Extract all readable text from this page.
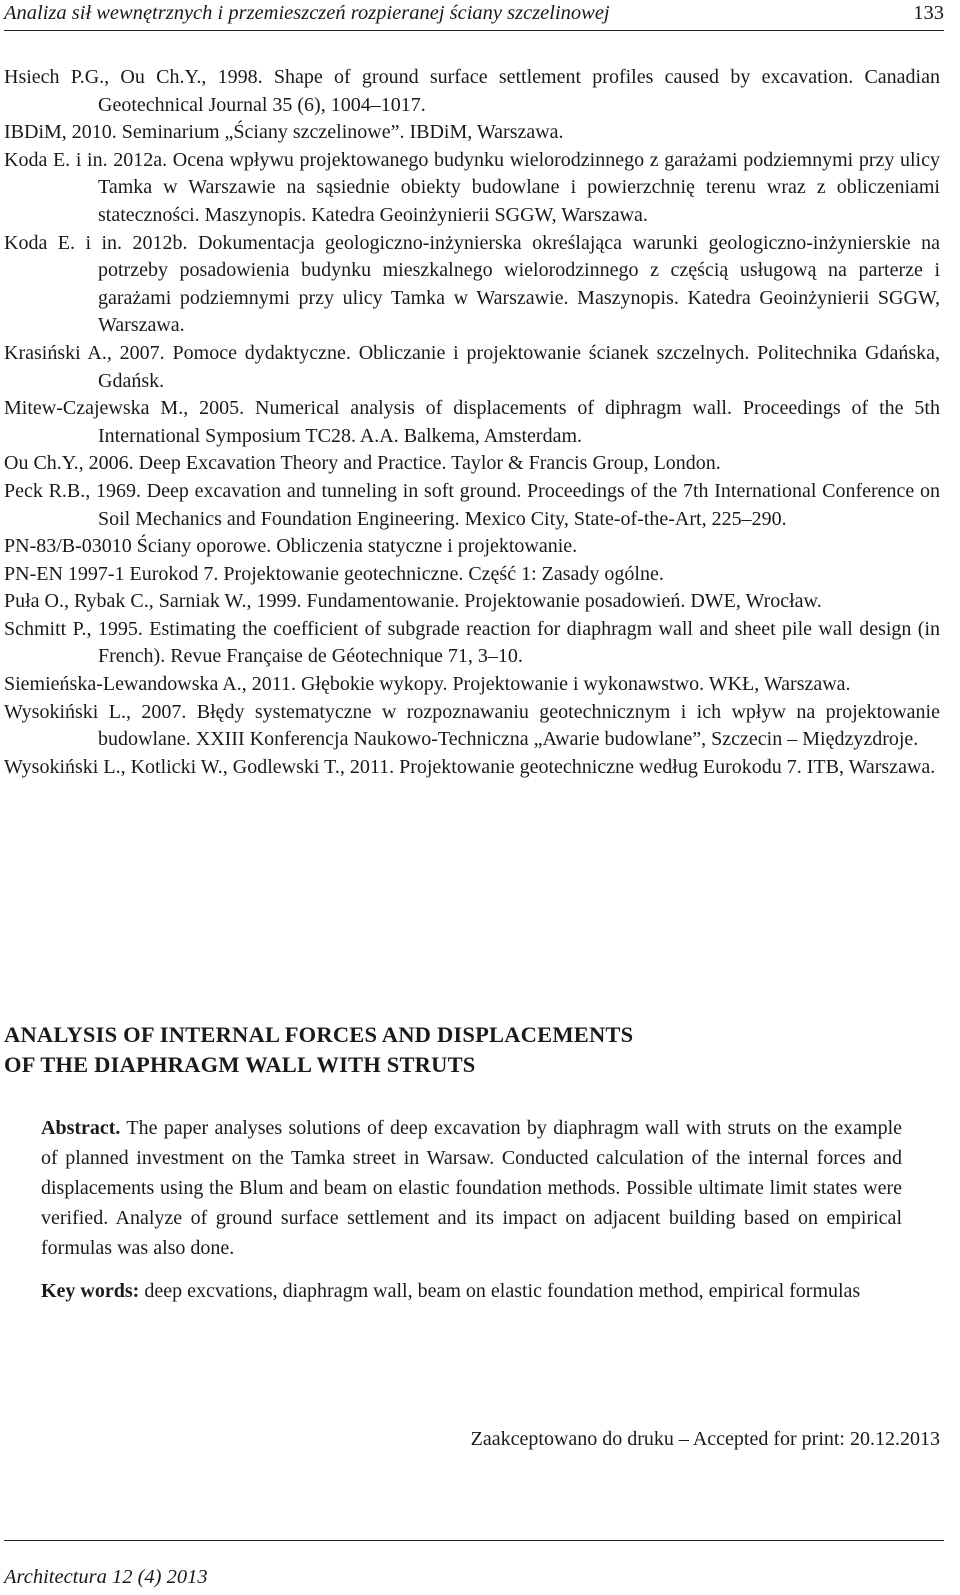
Analiza sił wewnętrznych i przemieszczeń rozpieranej ściany szczelinowej	133

Hsiech P.G., Ou Ch.Y., 1998. Shape of ground surface settlement profiles caused by excavation. Canadian Geotechnical Journal 35 (6), 1004–1017.

IBDiM, 2010. Seminarium „Ściany szczelinowe”. IBDiM, Warszawa.

Koda E. i in. 2012a. Ocena wpływu projektowanego budynku wielorodzinnego z garażami podziemnymi przy ulicy Tamka w Warszawie na sąsiednie obiekty budowlane i powierzchnię terenu wraz z obliczeniami stateczności. Maszynopis. Katedra Geoinżynierii SGGW, Warszawa.

Koda E. i in. 2012b. Dokumentacja geologiczno-inżynierska określająca warunki geologiczno-inżynierskie na potrzeby posadowienia budynku mieszkalnego wielorodzinnego z częścią usługową na parterze i garażami podziemnymi przy ulicy Tamka w Warszawie. Maszynopis. Katedra Geoinżynierii SGGW, Warszawa.

Krasiński A., 2007. Pomoce dydaktyczne. Obliczanie i projektowanie ścianek szczelnych. Politechnika Gdańska, Gdańsk.

Mitew-Czajewska M., 2005. Numerical analysis of displacements of diphragm wall. Proceedings of the 5th International Symposium TC28. A.A. Balkema, Amsterdam.

Ou Ch.Y., 2006. Deep Excavation Theory and Practice. Taylor & Francis Group, London.

Peck R.B., 1969. Deep excavation and tunneling in soft ground. Proceedings of the 7th International Conference on Soil Mechanics and Foundation Engineering. Mexico City, State-of-the-Art, 225–290.

PN-83/B-03010 Ściany oporowe. Obliczenia statyczne i projektowanie.

PN-EN 1997-1 Eurokod 7. Projektowanie geotechniczne. Część 1: Zasady ogólne.

Puła O., Rybak C., Sarniak W., 1999. Fundamentowanie. Projektowanie posadowień. DWE, Wrocław.

Schmitt P., 1995. Estimating the coefficient of subgrade reaction for diaphragm wall and sheet pile wall design (in French). Revue Française de Géotechnique 71, 3–10.

Siemieńska-Lewandowska A., 2011. Głębokie wykopy. Projektowanie i wykonawstwo. WKŁ, Warszawa.

Wysokiński L., 2007. Błędy systematyczne w rozpoznawaniu geotechnicznym i ich wpływ na projektowanie budowlane. XXIII Konferencja Naukowo-Techniczna „Awarie budowlane”, Szczecin – Międzyzdroje.

Wysokiński L., Kotlicki W., Godlewski T., 2011. Projektowanie geotechniczne według Eurokodu 7. ITB, Warszawa.

ANALYSIS OF INTERNAL FORCES AND DISPLACEMENTS
OF THE DIAPHRAGM WALL WITH STRUTS

Abstract. The paper analyses solutions of deep excavation by diaphragm wall with struts on the example of planned investment on the Tamka street in Warsaw. Conducted calculation of the internal forces and displacements using the Blum and beam on elastic foundation methods. Possible ultimate limit states were verified. Analyze of ground surface settlement and its impact on adjacent building based on empirical formulas was also done.

Key words: deep excvations, diaphragm wall, beam on elastic foundation method, empirical formulas

Zaakceptowano do druku – Accepted for print: 20.12.2013
Architectura 12 (4) 2013
